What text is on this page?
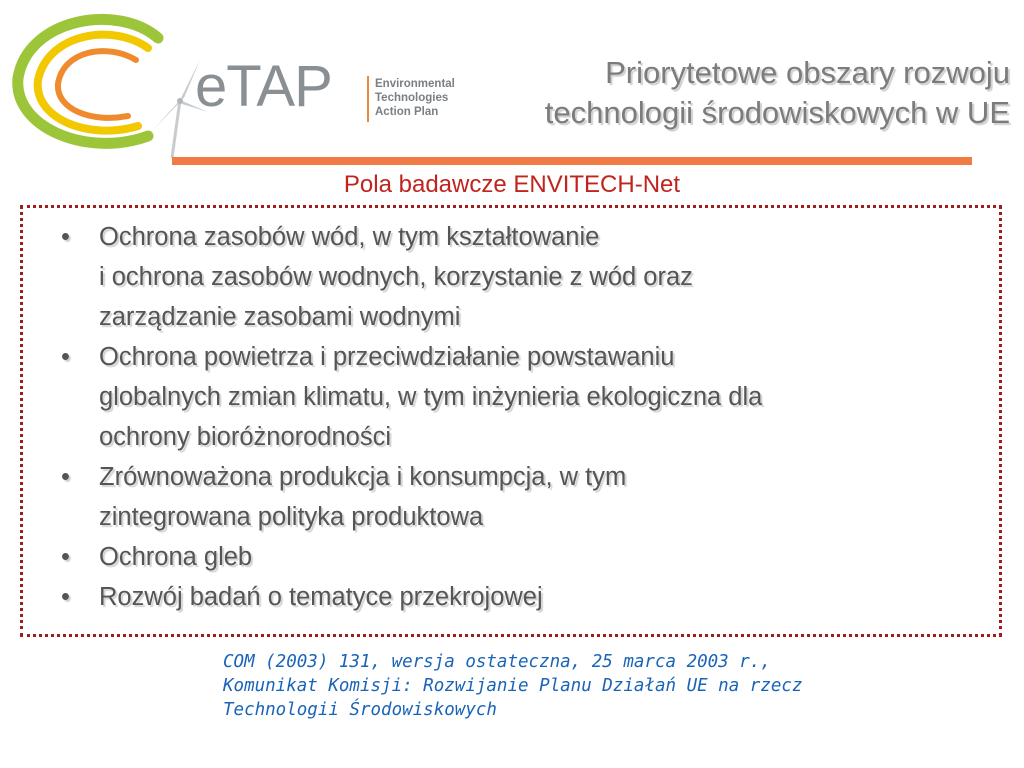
eTAP	Environmental
Technologies
Action Plan
Priorytetowe obszary rozwoju
technologii środowiskowych w UE
Pola badawcze ENVITECH-Net
• Ochrona zasobów wód, w tym kształtowanie
i ochrona zasobów wodnych, korzystanie z wód oraz
zarządzanie zasobami wodnymi
• Ochrona powietrza i przeciwdziałanie powstawaniu
globalnych zmian klimatu, w tym inżynieria ekologiczna dla
ochrony bioróżnorodności
• Zrównoważona produkcja i konsumpcja, w tym
zintegrowana polityka produktowa
• Ochrona gleb
• Rozwój badań o tematyce przekrojowej
COM (2003) 131, wersja ostateczna, 25 marca 2003 r.,
Komunikat Komisji: Rozwijanie Planu Działań UE na rzecz
Technologii Środowiskowych
